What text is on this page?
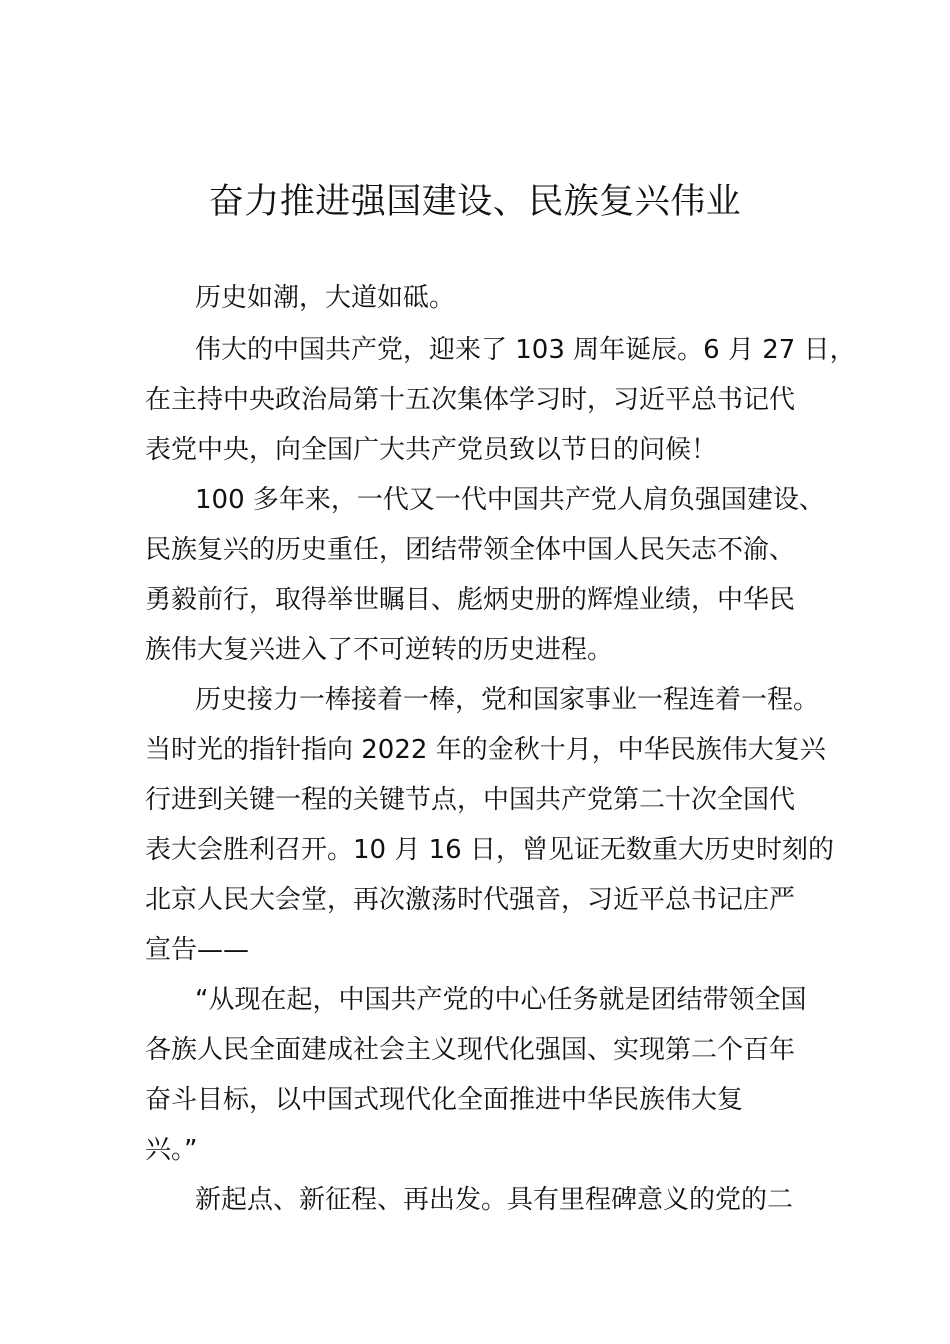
奋力推进强国建设、民族复兴伟业

历史如潮，大道如砥。

伟大的中国共产党，迎来了 103 周年诞辰。6 月 27 日，

在主持中央政治局第十五次集体学习时，习近平总书记代

表党中央，向全国广大共产党员致以节日的问候！

100 多年来，一代又一代中国共产党人肩负强国建设、

民族复兴的历史重任，团结带领全体中国人民矢志不渝、

勇毅前行，取得举世瞩目、彪炳史册的辉煌业绩，中华民

族伟大复兴进入了不可逆转的历史进程。

历史接力一棒接着一棒，党和国家事业一程连着一程。

当时光的指针指向 2022 年的金秋十月，中华民族伟大复兴

行进到关键一程的关键节点，中国共产党第二十次全国代

表大会胜利召开。10 月 16 日，曾见证无数重大历史时刻的

北京人民大会堂，再次激荡时代强音，习近平总书记庄严

宣告——

“从现在起，中国共产党的中心任务就是团结带领全国

各族人民全面建成社会主义现代化强国、实现第二个百年

奋斗目标，以中国式现代化全面推进中华民族伟大复

兴。”

新起点、新征程、再出发。具有里程碑意义的党的二
